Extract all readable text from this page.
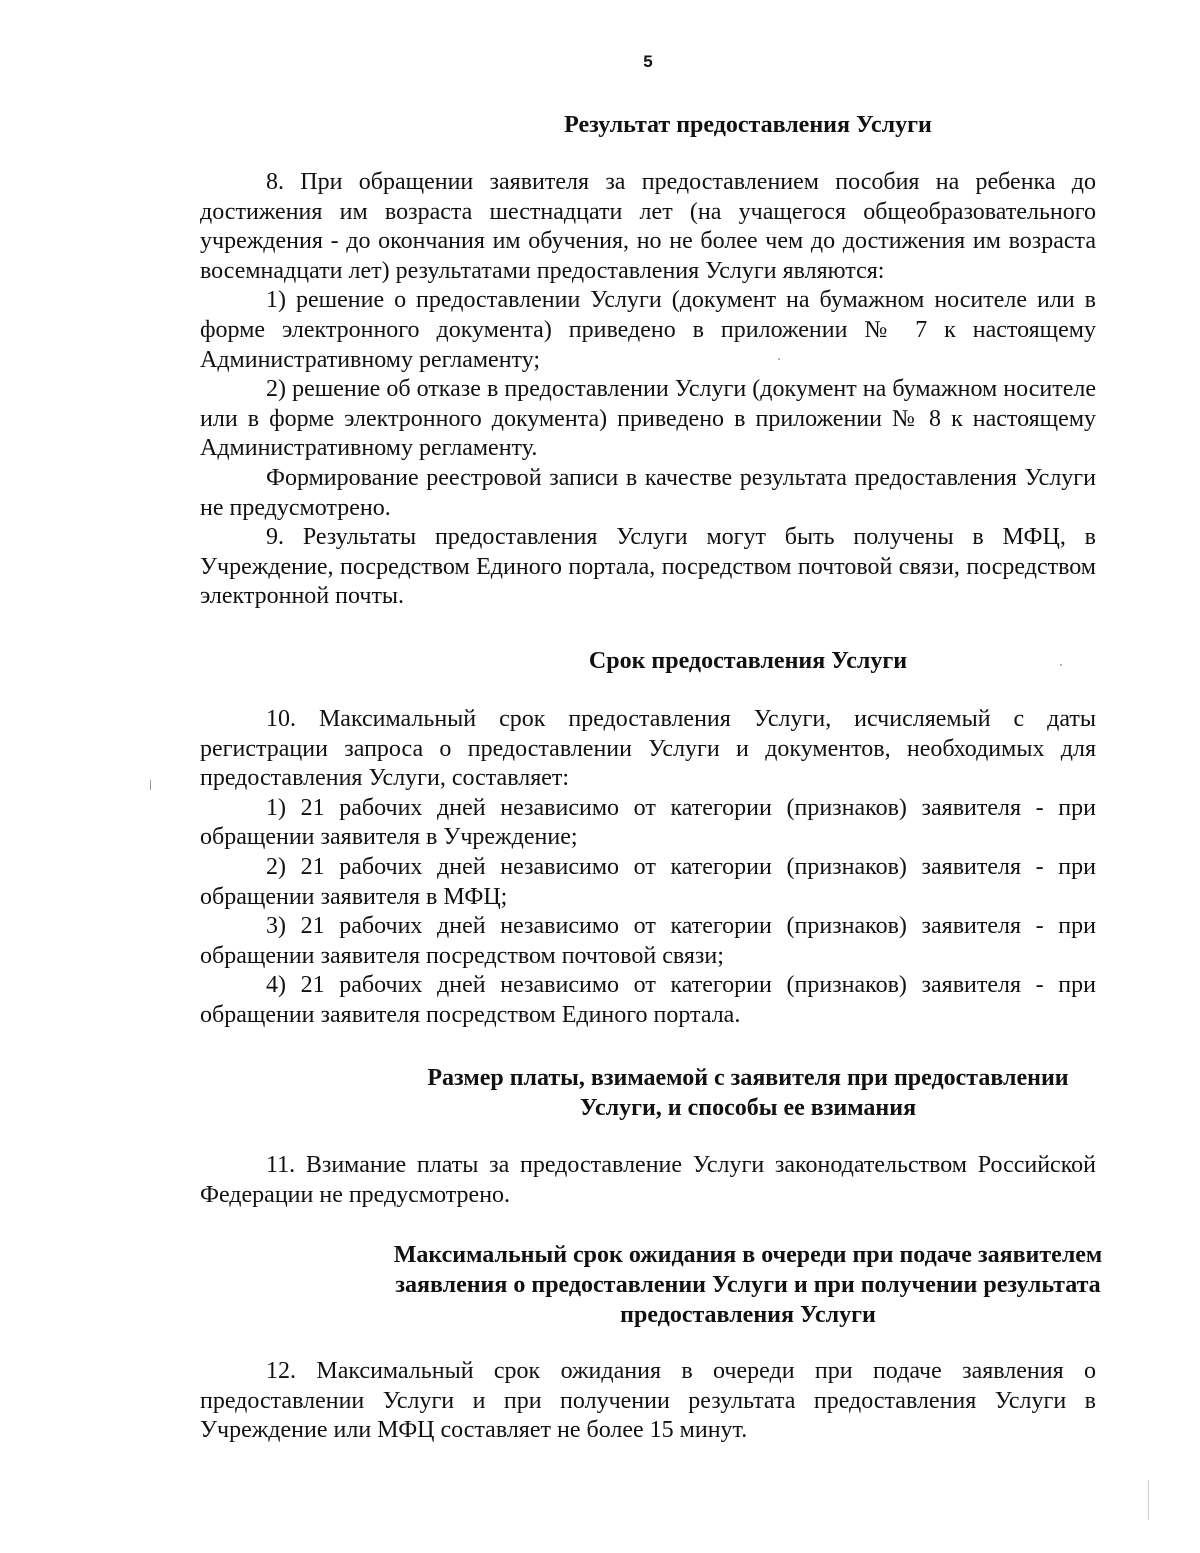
5
Результат предоставления Услуги

8. При обращении заявителя за предоставлением пособия на ребенка до достижения им возраста шестнадцати лет (на учащегося общеобразовательного учреждения - до окончания им обучения, но не более чем до достижения им возраста восемнадцати лет) результатами предоставления Услуги являются:

1) решение о предоставлении Услуги (документ на бумажном носителе или в форме электронного документа) приведено в приложении № 7 к настоящему Административному регламенту;

2) решение об отказе в предоставлении Услуги (документ на бумажном носителе или в форме электронного документа) приведено в приложении № 8 к настоящему Административному регламенту.

Формирование реестровой записи в качестве результата предоставления Услуги не предусмотрено.

9. Результаты предоставления Услуги могут быть получены в МФЦ, в Учреждение, посредством Единого портала, посредством почтовой связи, посредством электронной почты.

Срок предоставления Услуги

10. Максимальный срок предоставления Услуги, исчисляемый с даты регистрации запроса о предоставлении Услуги и документов, необходимых для предоставления Услуги, составляет:

1) 21 рабочих дней независимо от категории (признаков) заявителя - при обращении заявителя в Учреждение;

2) 21 рабочих дней независимо от категории (признаков) заявителя - при обращении заявителя в МФЦ;

3) 21 рабочих дней независимо от категории (признаков) заявителя - при обращении заявителя посредством почтовой связи;

4) 21 рабочих дней независимо от категории (признаков) заявителя - при обращении заявителя посредством Единого портала.

Размер платы, взимаемой с заявителя при предоставлении
Услуги, и способы ее взимания

11. Взимание платы за предоставление Услуги законодательством Российской Федерации не предусмотрено.

Максимальный срок ожидания в очереди при подаче заявителем
заявления о предоставлении Услуги и при получении результата
предоставления Услуги

12. Максимальный срок ожидания в очереди при подаче заявления о предоставлении Услуги и при получении результата предоставления Услуги в Учреждение или МФЦ составляет не более 15 минут.
